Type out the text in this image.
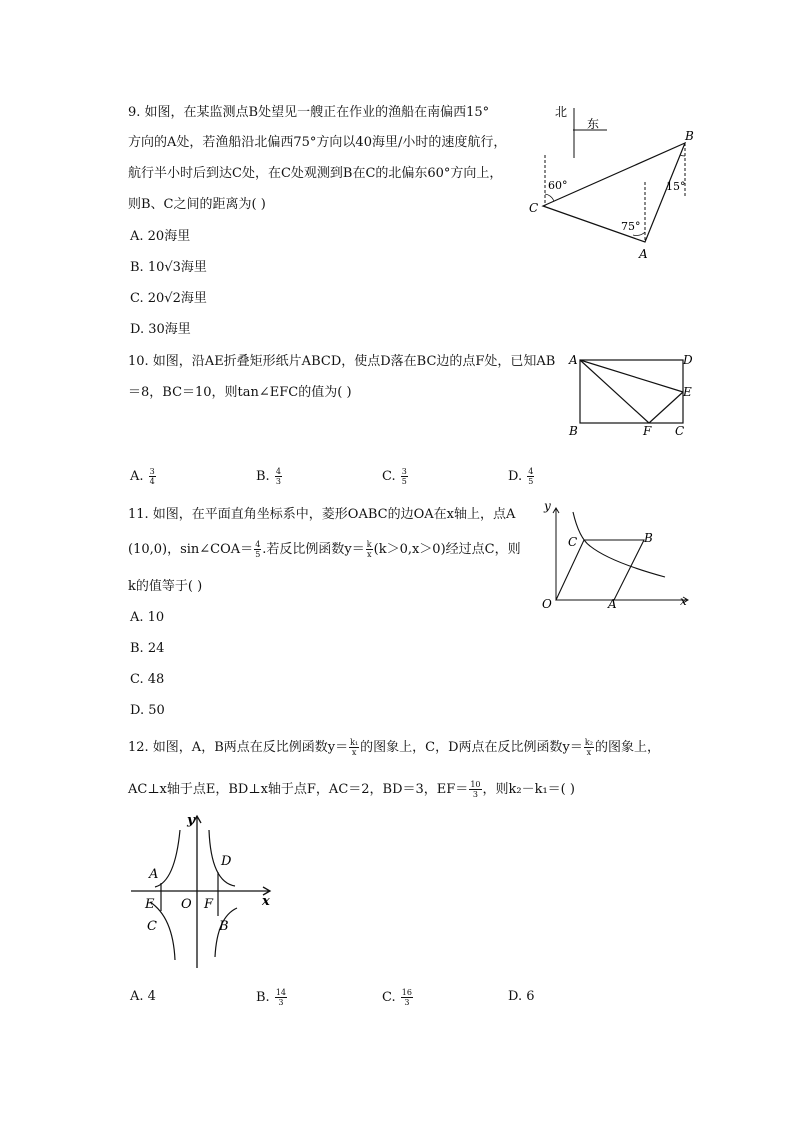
9. 如图，在某监测点B处望见一艘正在作业的渔船在南偏西15°
方向的A处，若渔船沿北偏西75°方向以40海里/小时的速度航行，
航行半小时后到达C处，在C处观测到B在C的北偏东60°方向上，
则B、C之间的距离为( )
A. 20海里
B. 10√3海里
C. 20√2海里
D. 30海里
北
东
B
C
A
60°	15°
75°
10. 如图，沿AE折叠矩形纸片ABCD，使点D落在BC边的点F处，已知AB
＝8，BC＝10，则tan∠EFC的值为( )
A. $\frac{3}{4}$	B. $\frac{4}{3}$	C. $\frac{3}{5}$	D. $\frac{4}{5}$
A	D
E
B	F C
11. 如图，在平面直角坐标系中，菱形OABC的边OA在x轴上，点A
(10,0)，sin∠COA＝ $\frac{4}{5}$ .若反比例函数$y= \frac{k}{x} (k>0,x>0)$经过点C，则
k的值等于( )
A. 10
B. 24
C. 48
D. 50
y
x
O
C	B
A
12. 如图，A，B两点在反比例函数$y= \frac{\text{k₁}}{x}$ 的图象上，C，D两点在反比例函数$y= \frac{\text{k₂}}{x}$ 的图象上，
AC⊥x轴于点E，BD⊥x轴于点F，AC＝2，BD＝3，$EF= \frac{10}{3}$ ，则k₂－k₁＝( )
y
x
O
A
D
E	F
C	B
A. 4	B. $\frac{14}{3}$	C. $\frac{16}{3}$	D. 6
